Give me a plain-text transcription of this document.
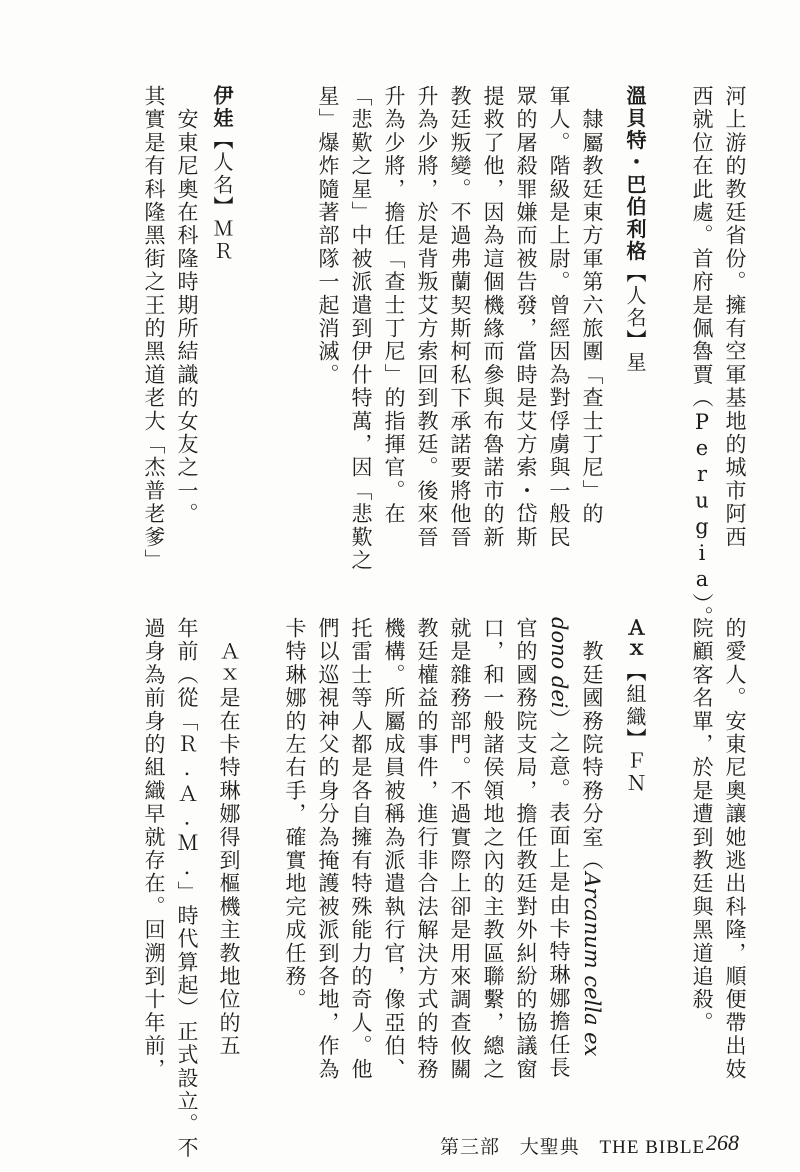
河上游的教廷省份。擁有空軍基地的城市阿西
西就位在此處。首府是佩魯賈（Perugia）。
溫貝特・巴伯利格【人名】星
　隸屬教廷東方軍第六旅團「查士丁尼」的
軍人。階級是上尉。曾經因為對俘虜與一般民
眾的屠殺罪嫌而被告發，當時是艾方索・岱斯
提救了他，因為這個機緣而參與布魯諾市的新
教廷叛變。不過弗蘭契斯柯私下承諾要將他晉
升為少將，於是背叛艾方索回到教廷。後來晉
升為少將，擔任「查士丁尼」的指揮官。在
「悲歎之星」中被派遣到伊什特萬，因「悲歎之
星」爆炸隨著部隊一起消滅。
伊娃【人名】ＭＲ
　安東尼奧在科隆時期所結識的女友之一。
其實是有科隆黑街之王的黑道老大「杰普老爹」
的愛人。安東尼奧讓她逃出科隆，順便帶出妓
院顧客名單，於是遭到教廷與黑道追殺。
Ａｘ【組織】ＦＮ
　教廷國務院特務分室（Arcanum cella ex
dono dei）之意。表面上是由卡特琳娜擔任長
官的國務院支局，擔任教廷對外糾紛的協議窗
口，和一般諸侯領地之內的主教區聯繫，總之
就是雜務部門。不過實際上卻是用來調查攸關
教廷權益的事件，進行非合法解決方式的特務
機構。所屬成員被稱為派遣執行官，像亞伯、
托雷士等人都是各自擁有特殊能力的奇人。他
們以巡視神父的身分為掩護被派到各地，作為
卡特琳娜的左右手，確實地完成任務。
　Ａｘ是在卡特琳娜得到樞機主教地位的五
年前（從「Ｒ.Ａ.Ｍ.」時代算起）正式設立。不
過身為前身的組織早就存在。回溯到十年前，
第三部 大聖典 THE BIBLE 268
